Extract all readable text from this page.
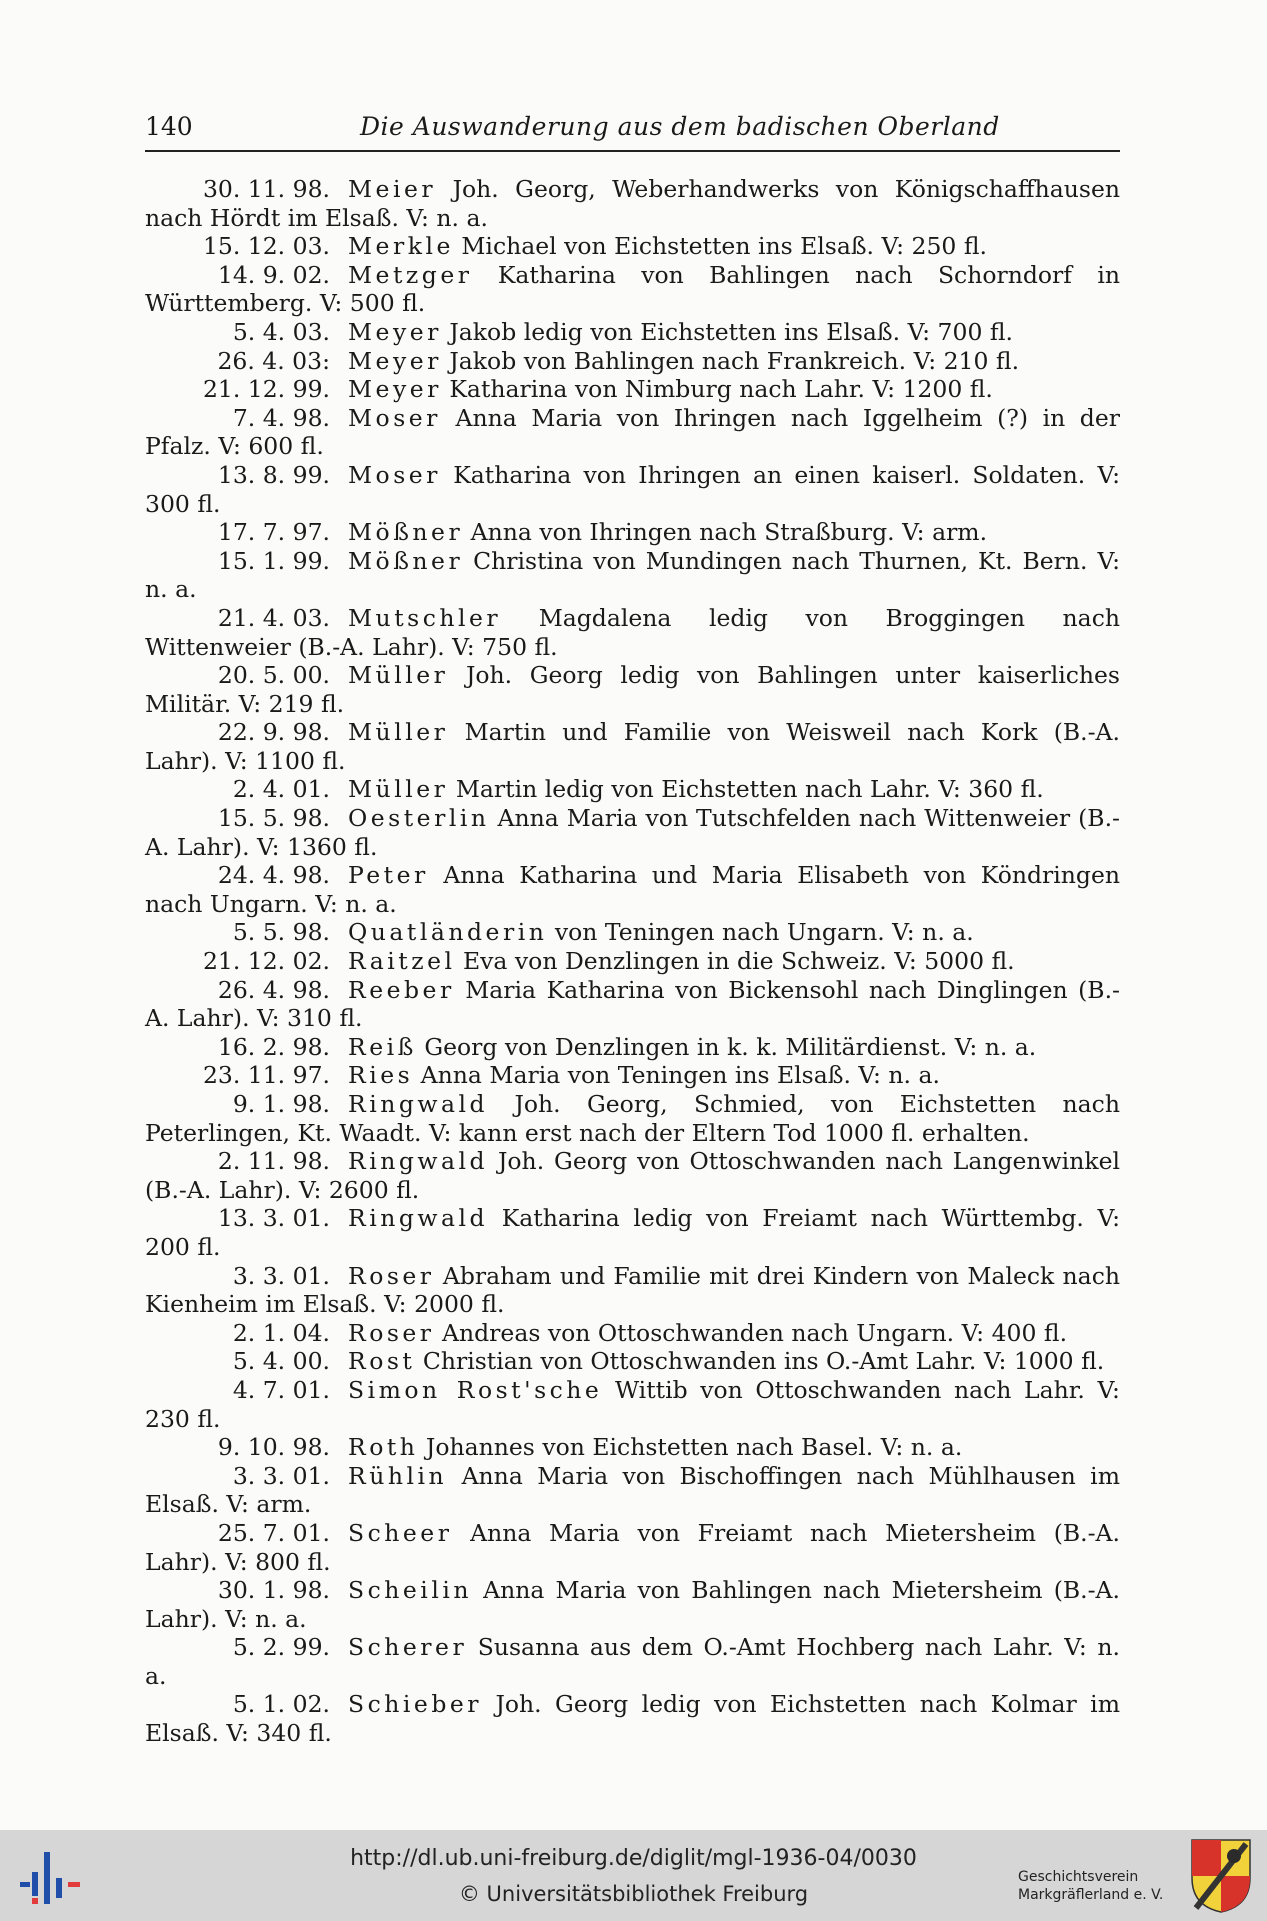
140	Die Auswanderung aus dem badischen Oberland

30. 11. 98. Meier Joh. Georg, Weberhandwerks von Königschaffhausen nach Hördt im Elsaß. V: n. a.

15. 12. 03. Merkle Michael von Eichstetten ins Elsaß. V: 250 fl.

14. 9. 02. Metzger Katharina von Bahlingen nach Schorndorf in Württemberg. V: 500 fl.

5. 4. 03. Meyer Jakob ledig von Eichstetten ins Elsaß. V: 700 fl.

26. 4. 03: Meyer Jakob von Bahlingen nach Frankreich. V: 210 fl.

21. 12. 99. Meyer Katharina von Nimburg nach Lahr. V: 1200 fl.

7. 4. 98. Moser Anna Maria von Ihringen nach Iggelheim (?) in der Pfalz. V: 600 fl.

13. 8. 99. Moser Katharina von Ihringen an einen kaiserl. Soldaten. V: 300 fl.

17. 7. 97. Mößner Anna von Ihringen nach Straßburg. V: arm.

15. 1. 99. Mößner Christina von Mundingen nach Thurnen, Kt. Bern. V: n. a.

21. 4. 03. Mutschler Magdalena ledig von Broggingen nach Wittenweier (B.-A. Lahr). V: 750 fl.

20. 5. 00. Müller Joh. Georg ledig von Bahlingen unter kaiserliches Militär. V: 219 fl.

22. 9. 98. Müller Martin und Familie von Weisweil nach Kork (B.-A. Lahr). V: 1100 fl.

2. 4. 01. Müller Martin ledig von Eichstetten nach Lahr. V: 360 fl.

15. 5. 98. Oesterlin Anna Maria von Tutschfelden nach Wittenweier (B.-A. Lahr). V: 1360 fl.

24. 4. 98. Peter Anna Katharina und Maria Elisabeth von Köndringen nach Ungarn. V: n. a.

5. 5. 98. Quatländerin von Teningen nach Ungarn. V: n. a.

21. 12. 02. Raitzel Eva von Denzlingen in die Schweiz. V: 5000 fl.

26. 4. 98. Reeber Maria Katharina von Bickensohl nach Dinglingen (B.-A. Lahr). V: 310 fl.

16. 2. 98. Reiß Georg von Denzlingen in k. k. Militärdienst. V: n. a.

23. 11. 97. Ries Anna Maria von Teningen ins Elsaß. V: n. a.

9. 1. 98. Ringwald Joh. Georg, Schmied, von Eichstetten nach Peterlingen, Kt. Waadt. V: kann erst nach der Eltern Tod 1000 fl. erhalten.

2. 11. 98. Ringwald Joh. Georg von Ottoschwanden nach Langenwinkel (B.-A. Lahr). V: 2600 fl.

13. 3. 01. Ringwald Katharina ledig von Freiamt nach Württembg. V: 200 fl.

3. 3. 01. Roser Abraham und Familie mit drei Kindern von Maleck nach Kienheim im Elsaß. V: 2000 fl.

2. 1. 04. Roser Andreas von Ottoschwanden nach Ungarn. V: 400 fl.

5. 4. 00. Rost Christian von Ottoschwanden ins O.-Amt Lahr. V: 1000 fl.

4. 7. 01. Simon Rost'sche Wittib von Ottoschwanden nach Lahr. V: 230 fl.

9. 10. 98. Roth Johannes von Eichstetten nach Basel. V: n. a.

3. 3. 01. Rühlin Anna Maria von Bischoffingen nach Mühlhausen im Elsaß. V: arm.

25. 7. 01. Scheer Anna Maria von Freiamt nach Mietersheim (B.-A. Lahr). V: 800 fl.

30. 1. 98. Scheilin Anna Maria von Bahlingen nach Mietersheim (B.-A. Lahr). V: n. a.

5. 2. 99. Scherer Susanna aus dem O.-Amt Hochberg nach Lahr. V: n. a.

5. 1. 02. Schieber Joh. Georg ledig von Eichstetten nach Kolmar im Elsaß. V: 340 fl.

http://dl.ub.uni-freiburg.de/diglit/mgl-1936-04/0030
© Universitätsbibliothek Freiburg
Geschichtsverein
Markgräflerland e. V.
